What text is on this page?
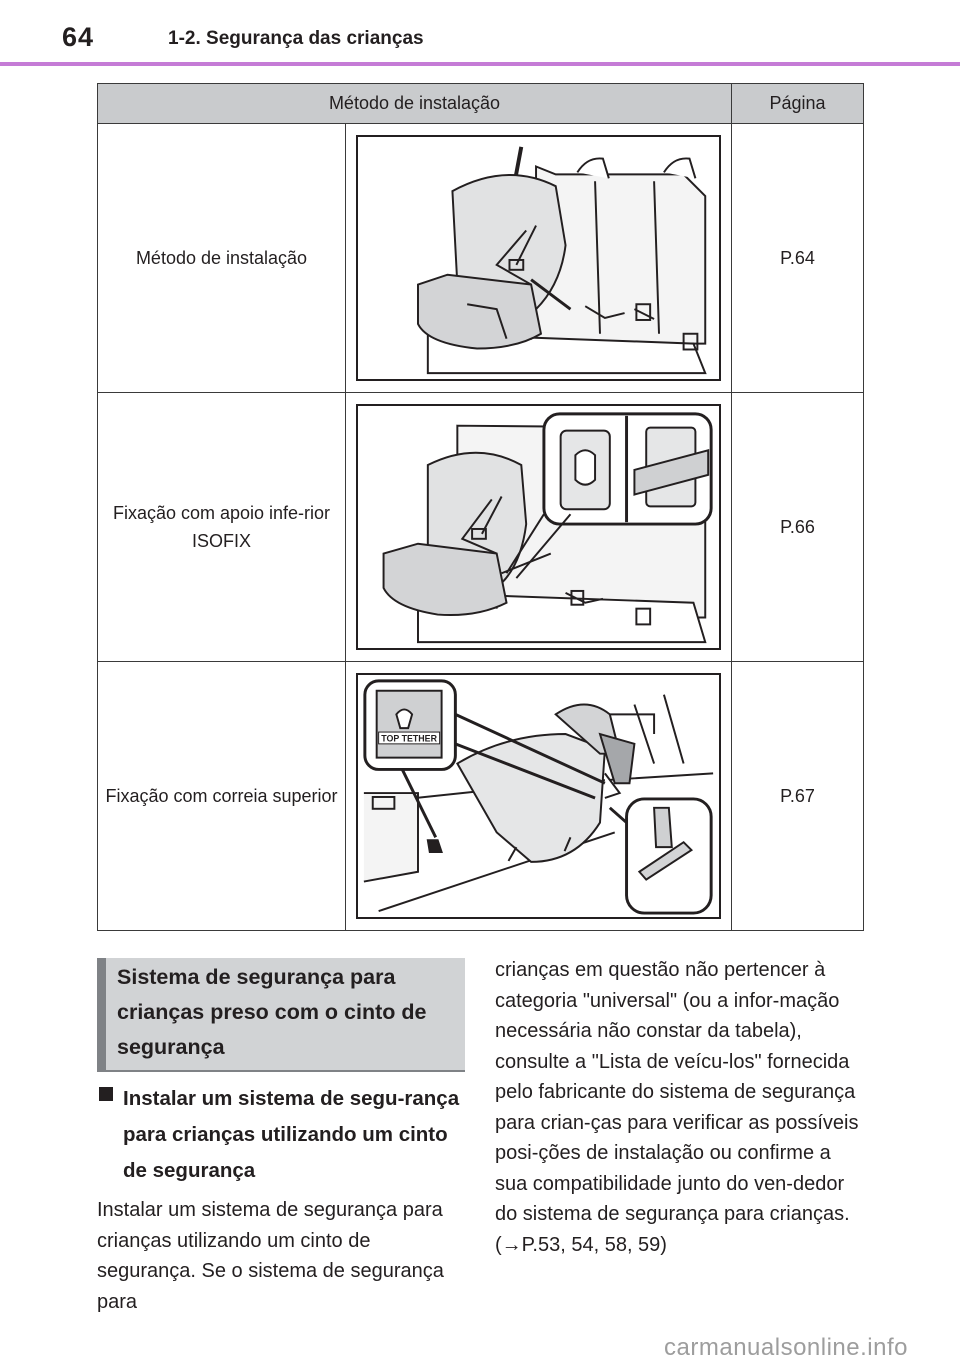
64	1-2. Segurança das crianças
Método de instalação		Página
Método de instalação		P.64
Fixação com apoio infe-rior ISOFIX		P.66
Fixação com correia superior	TOP TETHER	P.67
Sistema de segurança para crianças preso com o cinto de segurança
Instalar um sistema de segu-rança para crianças utilizando um cinto de segurança

Instalar um sistema de segurança para crianças utilizando um cinto de segurança. Se o sistema de segurança para

crianças em questão não pertencer à categoria "universal" (ou a infor-mação necessária não constar da tabela), consulte a "Lista de veícu-los" fornecida pelo fabricante do sistema de segurança para crian-ças para verificar as possíveis posi-ções de instalação ou confirme a sua compatibilidade junto do ven-dedor do sistema de segurança para crianças. (→P.53, 54, 58, 59)

carmanualsonline.info
